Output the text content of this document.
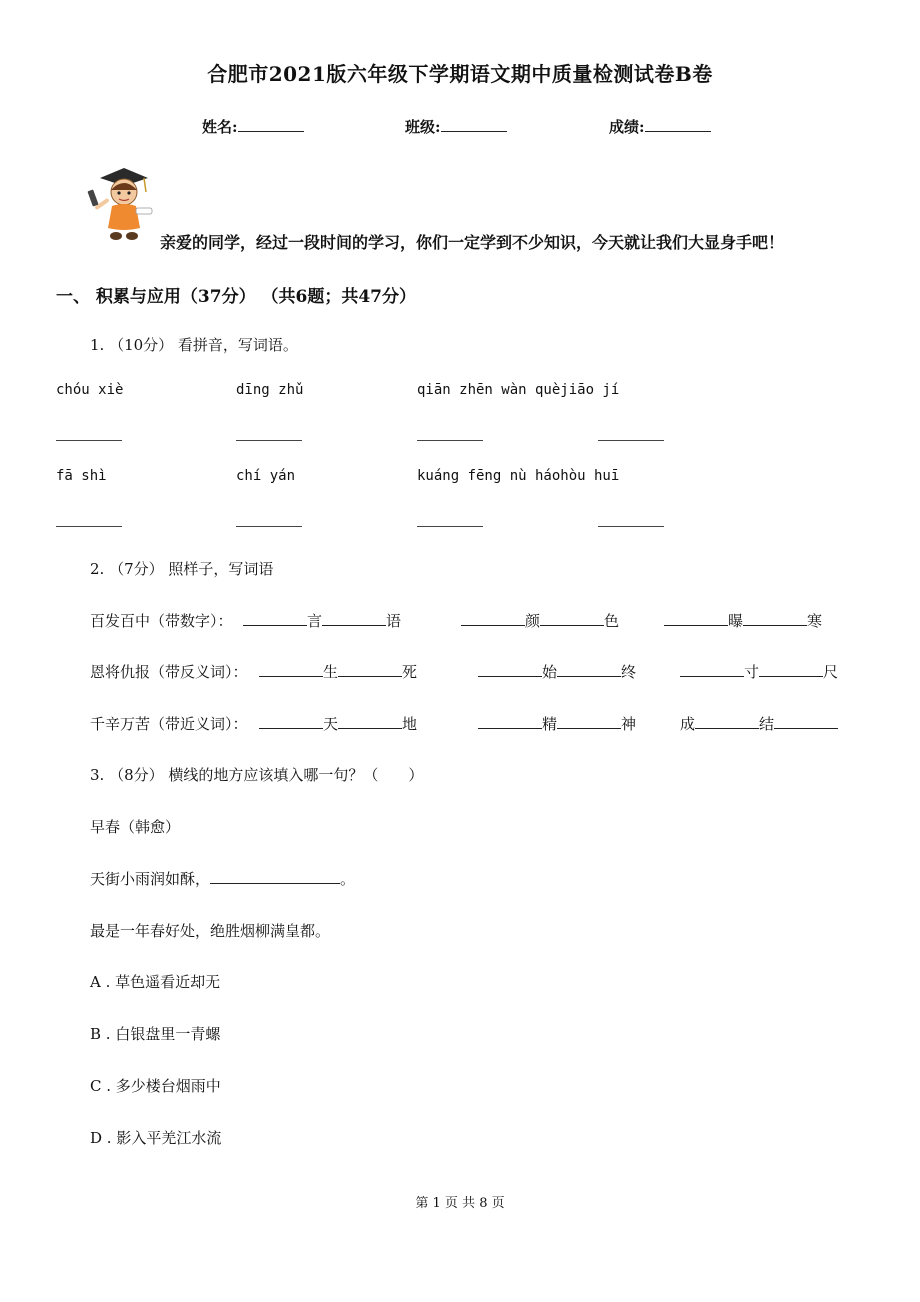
合肥市2021版六年级下学期语文期中质量检测试卷B卷
姓名:	班级:	成绩:
亲爱的同学，经过一段时间的学习，你们一定学到不少知识，今天就让我们大显身手吧！
一、 积累与应用（37分） （共6题；共47分）
1. （10分） 看拼音，写词语。
chóu xiè	dīng zhǔ	qiān zhēn wàn quèjiāo jí
fā shì	chí yán	kuáng fēng nù háohòu huī
2. （7分） 照样子，写词语
百发百中（带数字）：	言	语	颜	色	曝	寒
恩将仇报（带反义词）：	生	死	始	终	寸	尺
千辛万苦（带近义词）：	天	地	精	神	成	结
3. （8分） 横线的地方应该填入哪一句？（　　）
早春（韩愈）
天街小雨润如酥，	。
最是一年春好处，绝胜烟柳满皇都。
A . 草色遥看近却无
B . 白银盘里一青螺
C . 多少楼台烟雨中
D . 影入平羌江水流
第 1 页 共 8 页
